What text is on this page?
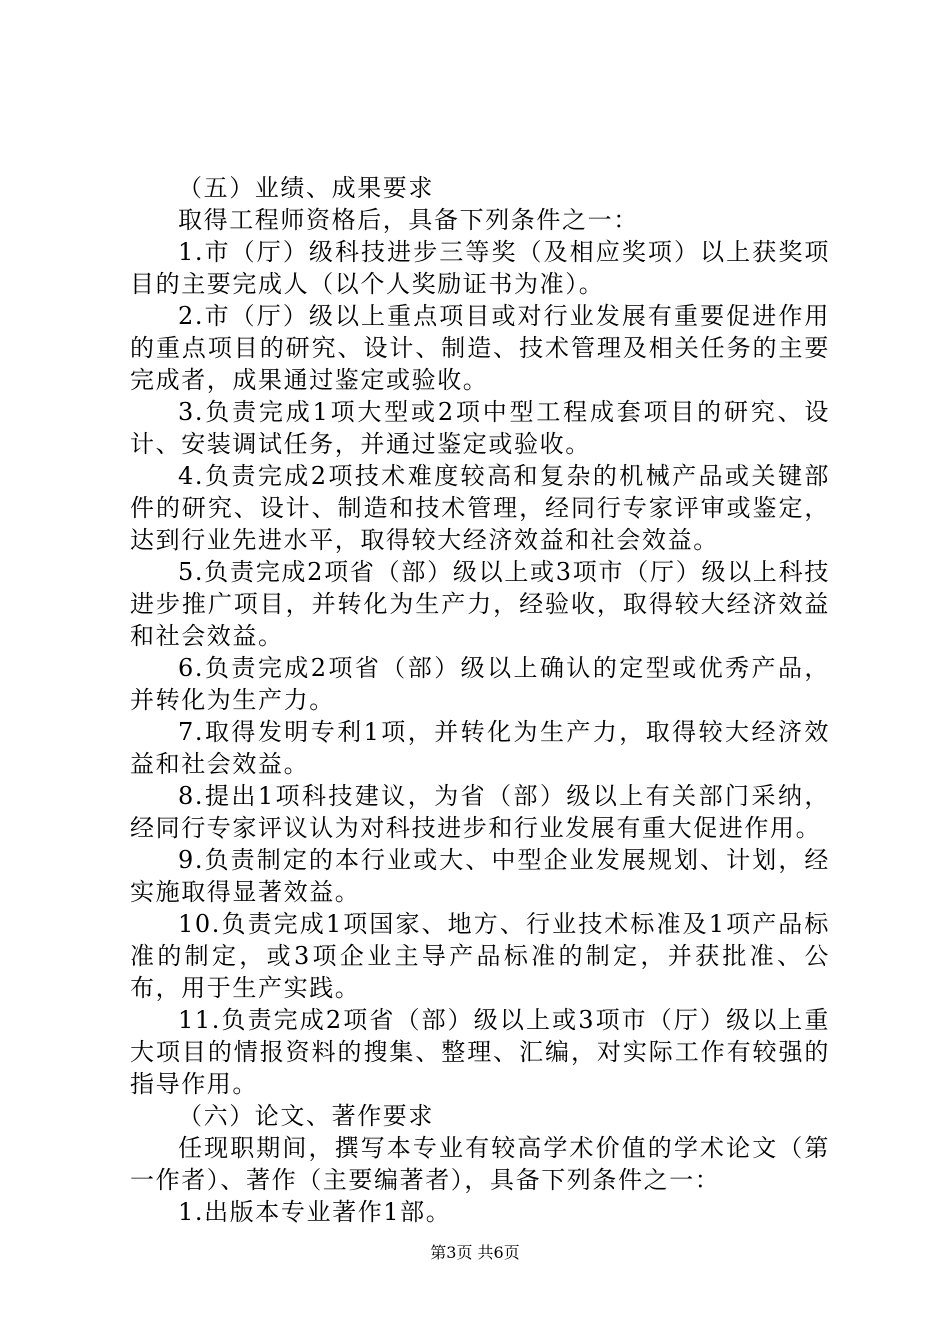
（五）业绩、成果要求

取得工程师资格后，具备下列条件之一：

1.市（厅）级科技进步三等奖（及相应奖项）以上获奖项目的主要完成人（以个人奖励证书为准）。

2.市（厅）级以上重点项目或对行业发展有重要促进作用的重点项目的研究、设计、制造、技术管理及相关任务的主要完成者，成果通过鉴定或验收。

3.负责完成1项大型或2项中型工程成套项目的研究、设计、安装调试任务，并通过鉴定或验收。

4.负责完成2项技术难度较高和复杂的机械产品或关键部件的研究、设计、制造和技术管理，经同行专家评审或鉴定，达到行业先进水平，取得较大经济效益和社会效益。

5.负责完成2项省（部）级以上或3项市（厅）级以上科技进步推广项目，并转化为生产力，经验收，取得较大经济效益和社会效益。

6.负责完成2项省（部）级以上确认的定型或优秀产品，并转化为生产力。

7.取得发明专利1项，并转化为生产力，取得较大经济效益和社会效益。

8.提出1项科技建议，为省（部）级以上有关部门采纳，经同行专家评议认为对科技进步和行业发展有重大促进作用。

9.负责制定的本行业或大、中型企业发展规划、计划，经实施取得显著效益。

10.负责完成1项国家、地方、行业技术标准及1项产品标准的制定，或3项企业主导产品标准的制定，并获批准、公布，用于生产实践。

11.负责完成2项省（部）级以上或3项市（厅）级以上重大项目的情报资料的搜集、整理、汇编，对实际工作有较强的指导作用。

（六）论文、著作要求

任现职期间，撰写本专业有较高学术价值的学术论文（第一作者）、著作（主要编著者），具备下列条件之一：

1.出版本专业著作1部。

第3页 共6页
